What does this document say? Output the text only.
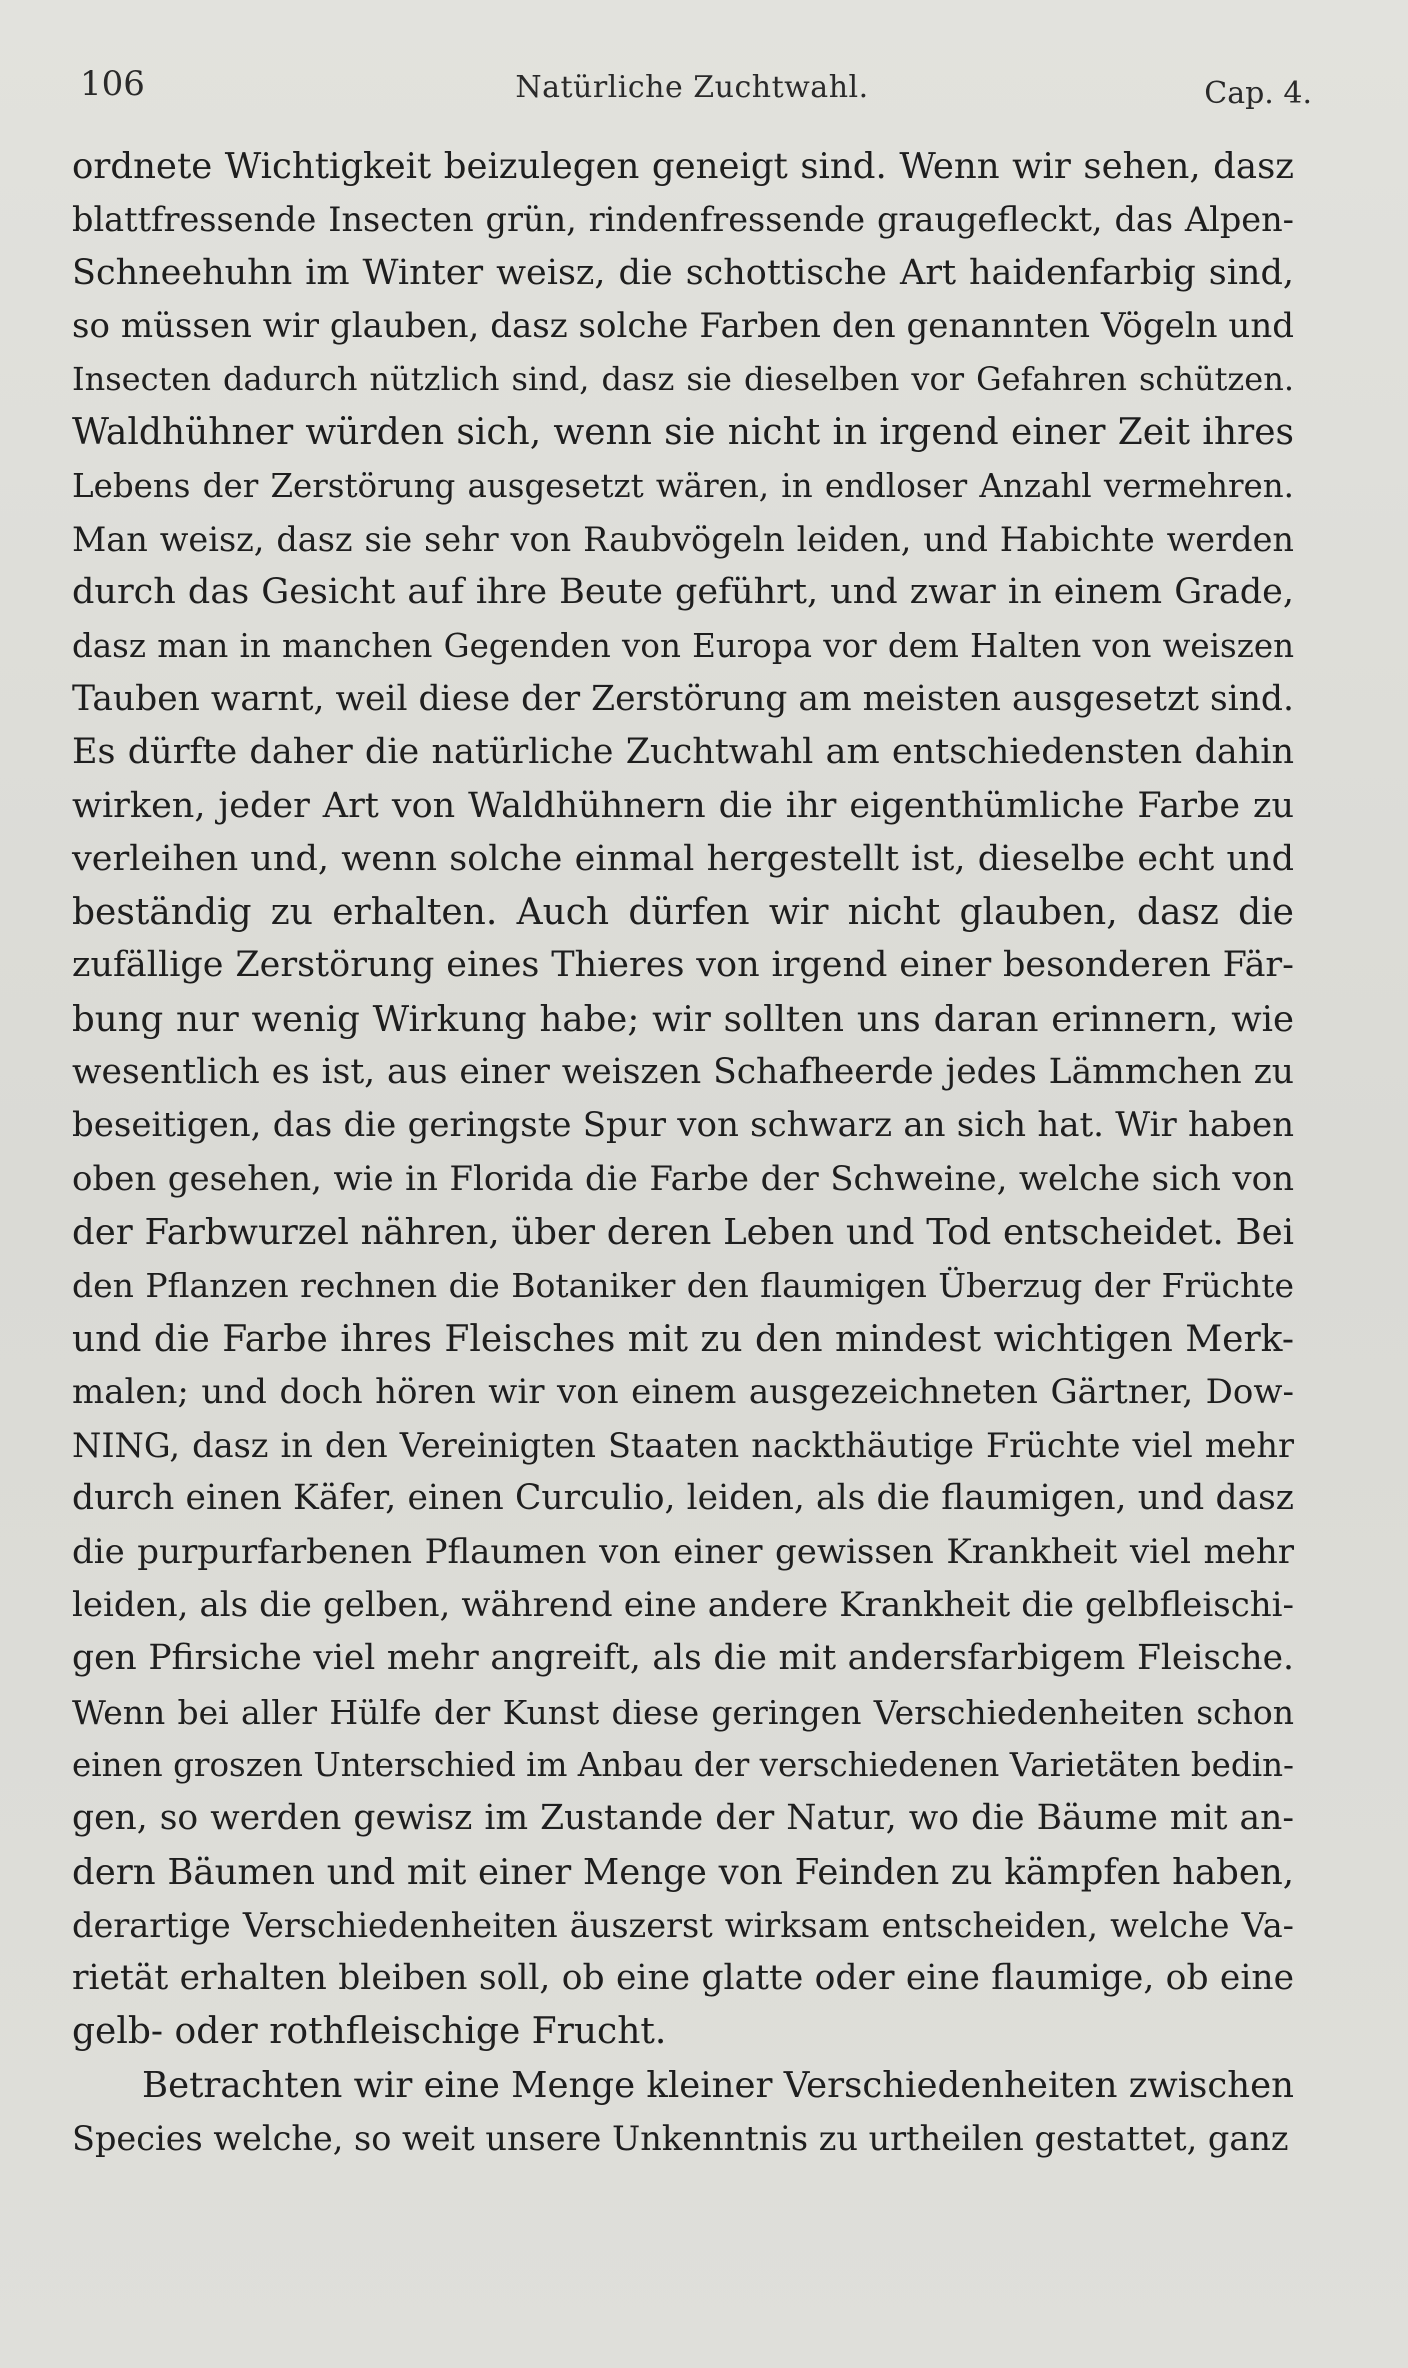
106	Natürliche Zuchtwahl.	Cap. 4.
ordnete Wichtigkeit beizulegen geneigt sind. Wenn wir sehen, dasz
blattfressende Insecten grün, rindenfressende graugefleckt, das Alpen-
Schneehuhn im Winter weisz, die schottische Art haidenfarbig sind,
so müssen wir glauben, dasz solche Farben den genannten Vögeln und
Insecten dadurch nützlich sind, dasz sie dieselben vor Gefahren schützen.
Waldhühner würden sich, wenn sie nicht in irgend einer Zeit ihres
Lebens der Zerstörung ausgesetzt wären, in endloser Anzahl vermehren.
Man weisz, dasz sie sehr von Raubvögeln leiden, und Habichte werden
durch das Gesicht auf ihre Beute geführt, und zwar in einem Grade,
dasz man in manchen Gegenden von Europa vor dem Halten von weiszen
Tauben warnt, weil diese der Zerstörung am meisten ausgesetzt sind.
Es dürfte daher die natürliche Zuchtwahl am entschiedensten dahin
wirken, jeder Art von Waldhühnern die ihr eigenthümliche Farbe zu
verleihen und, wenn solche einmal hergestellt ist, dieselbe echt und
beständig zu erhalten. Auch dürfen wir nicht glauben, dasz die
zufällige Zerstörung eines Thieres von irgend einer besonderen Fär-
bung nur wenig Wirkung habe; wir sollten uns daran erinnern, wie
wesentlich es ist, aus einer weiszen Schafheerde jedes Lämmchen zu
beseitigen, das die geringste Spur von schwarz an sich hat. Wir haben
oben gesehen, wie in Florida die Farbe der Schweine, welche sich von
der Farbwurzel nähren, über deren Leben und Tod entscheidet. Bei
den Pflanzen rechnen die Botaniker den flaumigen Überzug der Früchte
und die Farbe ihres Fleisches mit zu den mindest wichtigen Merk-
malen; und doch hören wir von einem ausgezeichneten Gärtner, Dow-
NING, dasz in den Vereinigten Staaten nackthäutige Früchte viel mehr
durch einen Käfer, einen Curculio, leiden, als die flaumigen, und dasz
die purpurfarbenen Pflaumen von einer gewissen Krankheit viel mehr
leiden, als die gelben, während eine andere Krankheit die gelbfleischi-
gen Pfirsiche viel mehr angreift, als die mit andersfarbigem Fleische.
Wenn bei aller Hülfe der Kunst diese geringen Verschiedenheiten schon
einen groszen Unterschied im Anbau der verschiedenen Varietäten bedin-
gen, so werden gewisz im Zustande der Natur, wo die Bäume mit an-
dern Bäumen und mit einer Menge von Feinden zu kämpfen haben,
derartige Verschiedenheiten äuszerst wirksam entscheiden, welche Va-
rietät erhalten bleiben soll, ob eine glatte oder eine flaumige, ob eine
gelb- oder rothfleischige Frucht.
Betrachten wir eine Menge kleiner Verschiedenheiten zwischen
Species welche, so weit unsere Unkenntnis zu urtheilen gestattet, ganz
